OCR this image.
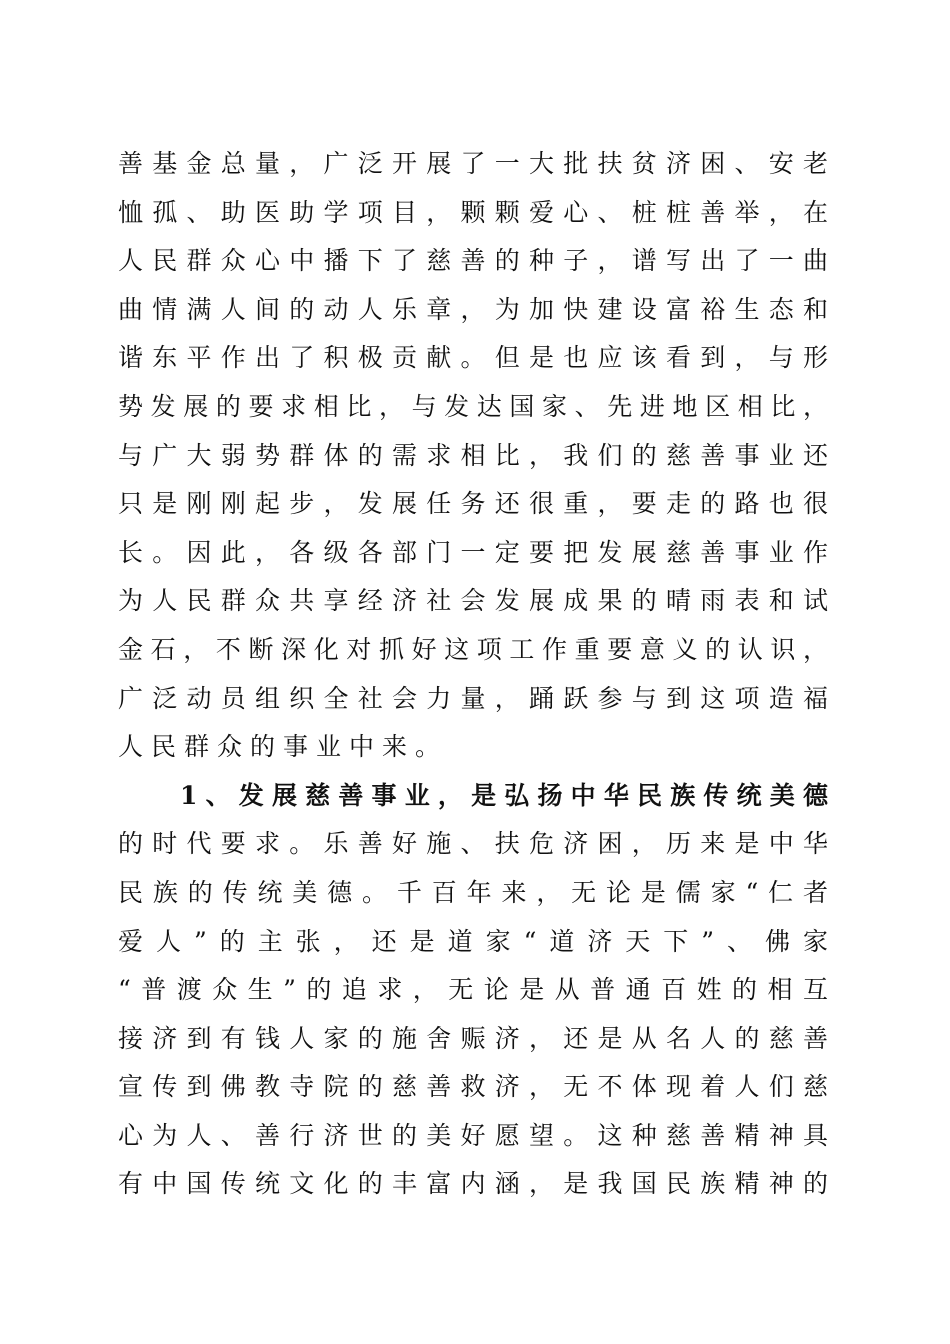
善基金总量，广泛开展了一大批扶贫济困、安老
恤孤、助医助学项目，颗颗爱心、桩桩善举，在
人民群众心中播下了慈善的种子，谱写出了一曲
曲情满人间的动人乐章，为加快建设富裕生态和
谐东平作出了积极贡献。但是也应该看到，与形
势发展的要求相比，与发达国家、先进地区相比，
与广大弱势群体的需求相比，我们的慈善事业还
只是刚刚起步，发展任务还很重，要走的路也很
长。因此，各级各部门一定要把发展慈善事业作
为人民群众共享经济社会发展成果的晴雨表和试
金石，不断深化对抓好这项工作重要意义的认识，
广泛动员组织全社会力量，踊跃参与到这项造福
人民群众的事业中来。
1、发展慈善事业，是弘扬中华民族传统美德
的时代要求。乐善好施、扶危济困，历来是中华
民族的传统美德。千百年来，无论是儒家“仁者
爱人”的主张，还是道家“道济天下”、佛家
“普渡众生”的追求，无论是从普通百姓的相互
接济到有钱人家的施舍赈济，还是从名人的慈善
宣传到佛教寺院的慈善救济，无不体现着人们慈
心为人、善行济世的美好愿望。这种慈善精神具
有中国传统文化的丰富内涵，是我国民族精神的
